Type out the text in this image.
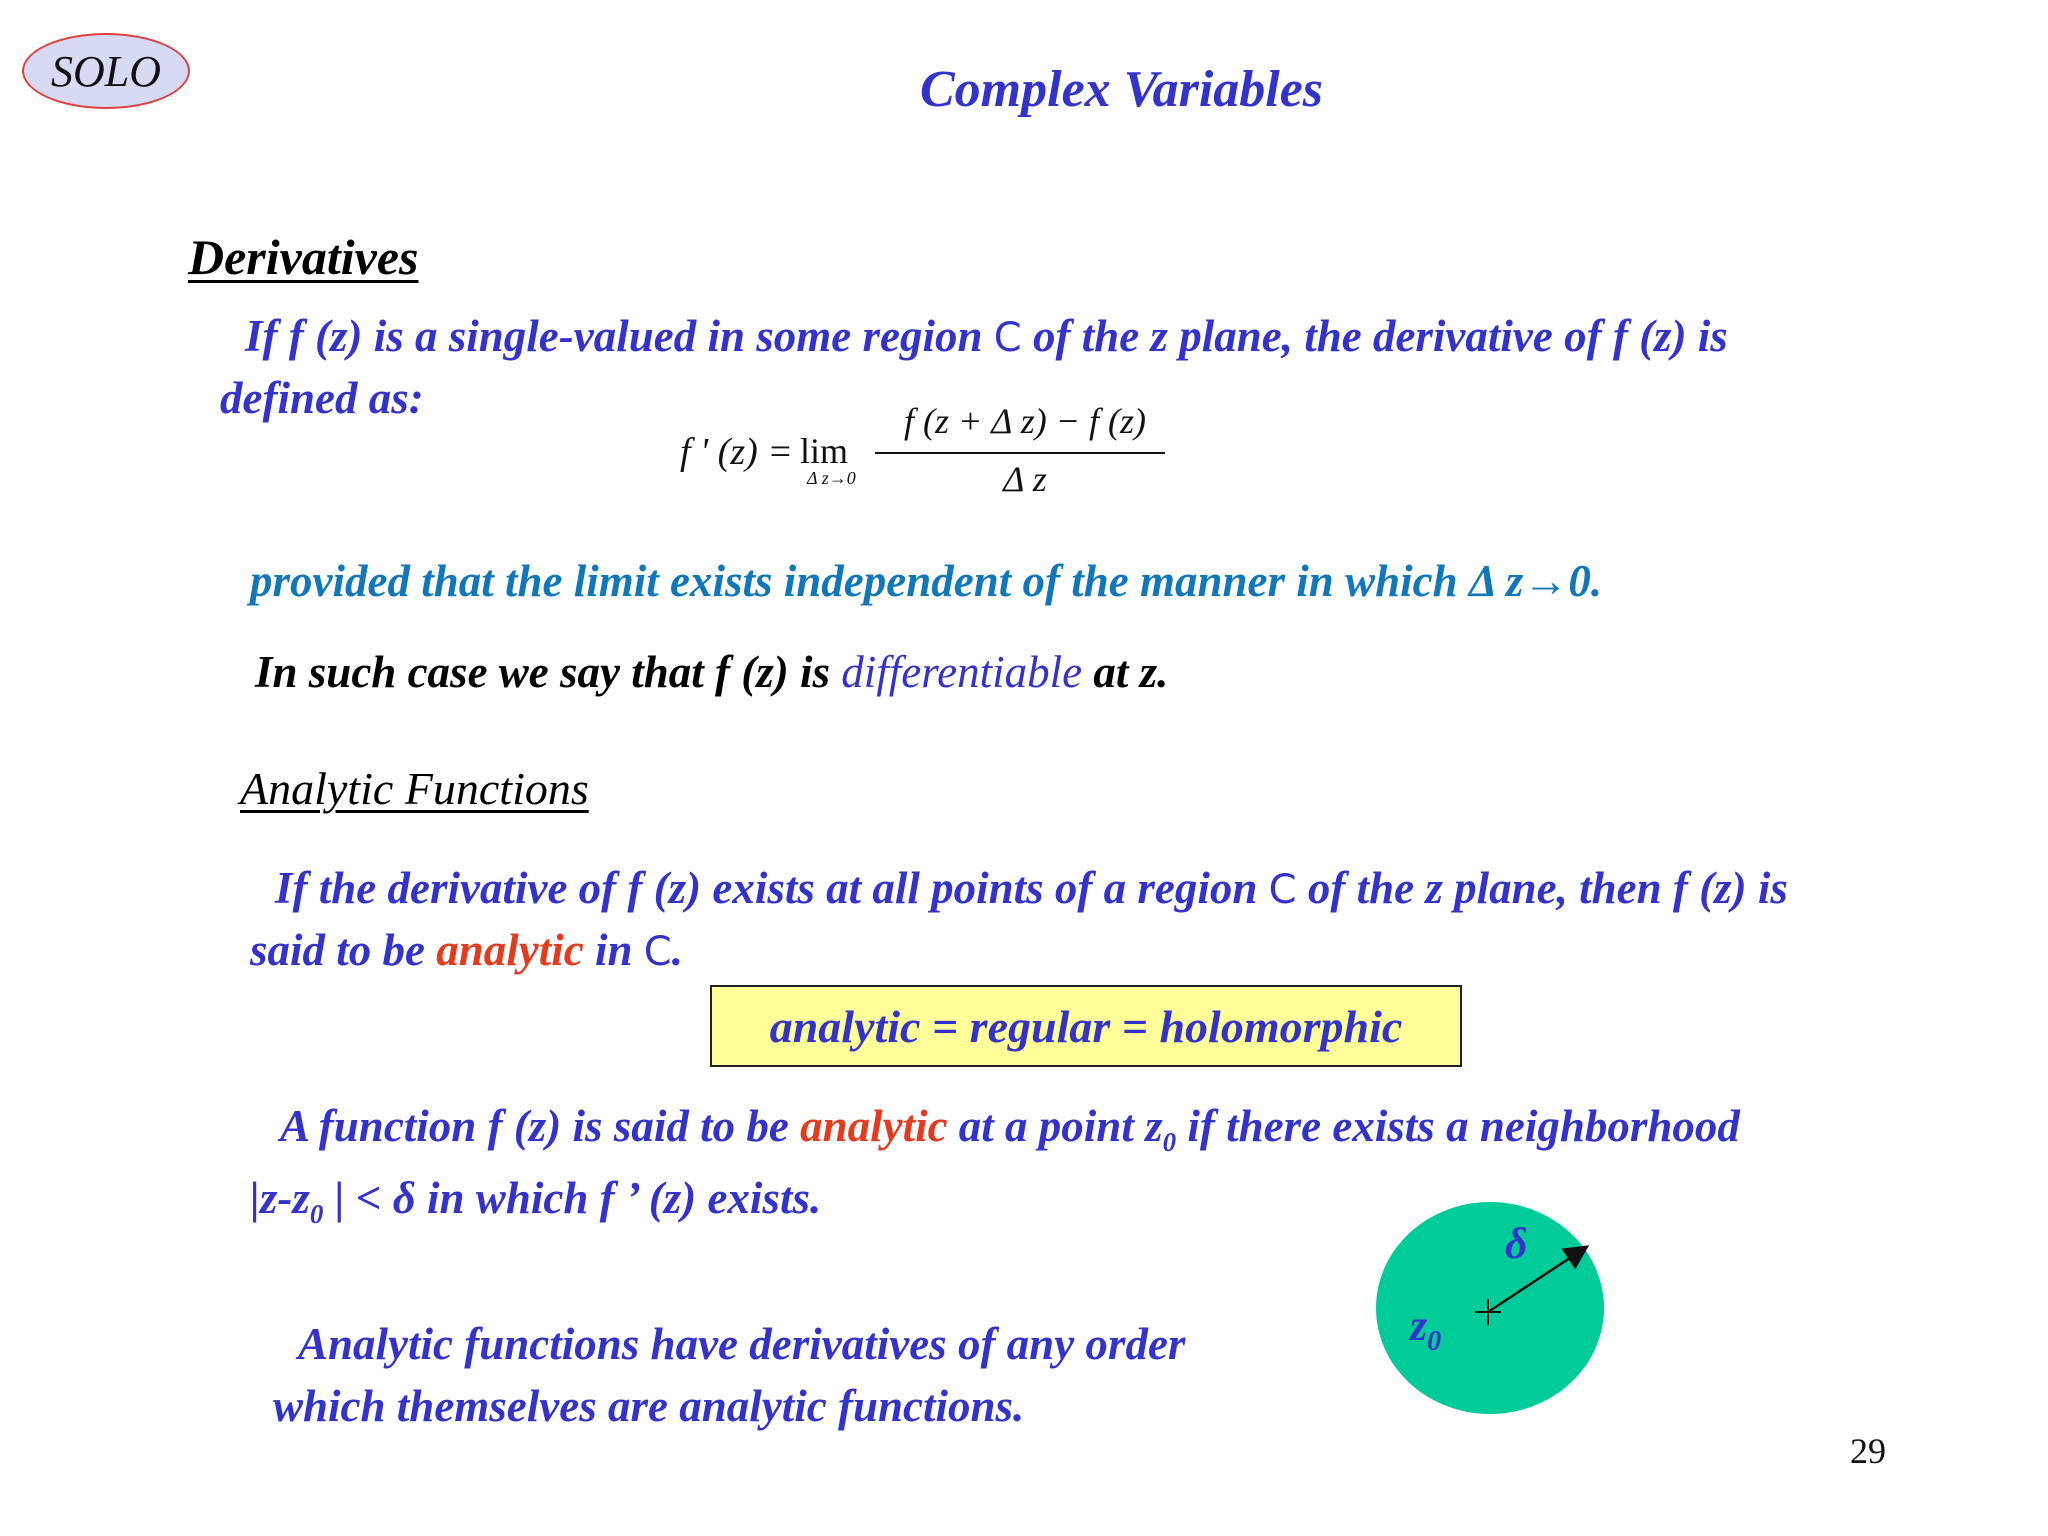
SOLO	Complex Variables
Derivatives
If f (z) is a single-valued in some region C of the z plane, the derivative of f (z) is
defined as:
f ' (z) = lim
Δ z→0
f (z + Δ z) − f (z)
Δ z
provided that the limit exists independent of the manner in which Δ z→0.
In such case we say that f (z) is differentiable at z.
Analytic Functions
If the derivative of f (z) exists at all points of a region C of the z plane, then f (z) is
said to be analytic in C.
analytic = regular = holomorphic
A function f (z) is said to be analytic at a point $z_0$ if there exists a neighborhood
$|z-z_0$ | < δ in which f ’ (z) exists.
Analytic functions have derivatives of any order
which themselves are analytic functions.
δ
$z_0$
29
